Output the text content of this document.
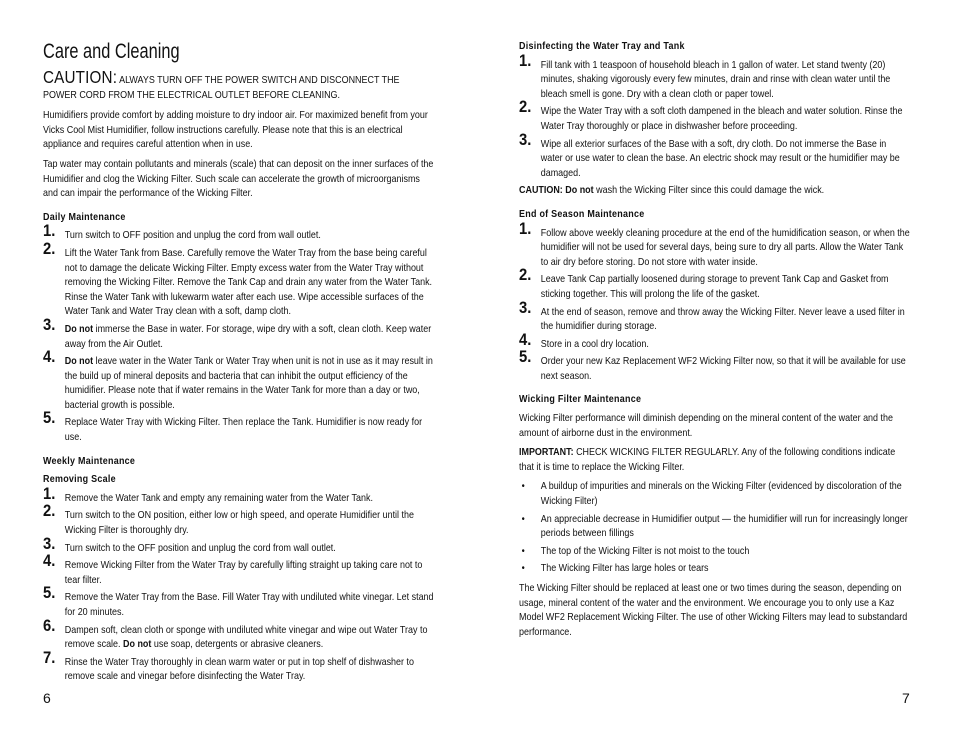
Care and Cleaning
CAUTION: ALWAYS TURN OFF THE POWER SWITCH AND DISCONNECT THE POWER CORD FROM THE ELECTRICAL OUTLET BEFORE CLEANING.

Humidifiers provide comfort by adding moisture to dry indoor air. For maximized benefit from your Vicks Cool Mist Humidifier, follow instructions carefully. Please note that this is an electrical appliance and requires careful attention when in use.

Tap water may contain pollutants and minerals (scale) that can deposit on the inner surfaces of the Humidifier and clog the Wicking Filter. Such scale can accelerate the growth of microorganisms and can impair the performance of the Wicking Filter.

Daily Maintenance
1. Turn switch to OFF position and unplug the cord from wall outlet.
2. Lift the Water Tank from Base. Carefully remove the Water Tray from the base being careful not to damage the delicate Wicking Filter. Empty excess water from the Water Tray without removing the Wicking Filter. Remove the Tank Cap and drain any water from the Water Tank. Rinse the Water Tank with lukewarm water after each use. Wipe accessible surfaces of the Water Tank and Water Tray clean with a soft, damp cloth.
3. Do not immerse the Base in water. For storage, wipe dry with a soft, clean cloth. Keep water away from the Air Outlet.
4. Do not leave water in the Water Tank or Water Tray when unit is not in use as it may result in the build up of mineral deposits and bacteria that can inhibit the output efficiency of the humidifier. Please note that if water remains in the Water Tank for more than a day or two, bacterial growth is possible.
5. Replace Water Tray with Wicking Filter. Then replace the Tank. Humidifier is now ready for use.
Weekly Maintenance
Removing Scale
1. Remove the Water Tank and empty any remaining water from the Water Tank.
2. Turn switch to the ON position, either low or high speed, and operate Humidifier until the Wicking Filter is thoroughly dry.
3. Turn switch to the OFF position and unplug the cord from wall outlet.
4. Remove Wicking Filter from the Water Tray by carefully lifting straight up taking care not to tear filter.
5. Remove the Water Tray from the Base. Fill Water Tray with undiluted white vinegar. Let stand for 20 minutes.
6. Dampen soft, clean cloth or sponge with undiluted white vinegar and wipe out Water Tray to remove scale. Do not use soap, detergents or abrasive cleaners.
7. Rinse the Water Tray thoroughly in clean warm water or put in top shelf of dishwasher to remove scale and vinegar before disinfecting the Water Tray.
6
Disinfecting the Water Tray and Tank
1. Fill tank with 1 teaspoon of household bleach in 1 gallon of water. Let stand twenty (20) minutes, shaking vigorously every few minutes, drain and rinse with clean water until the bleach smell is gone. Dry with a clean cloth or paper towel.
2. Wipe the Water Tray with a soft cloth dampened in the bleach and water solution. Rinse the Water Tray thoroughly or place in dishwasher before proceeding.
3. Wipe all exterior surfaces of the Base with a soft, dry cloth. Do not immerse the Base in water or use water to clean the base. An electric shock may result or the humidifier may be damaged.

CAUTION: Do not wash the Wicking Filter since this could damage the wick.

End of Season Maintenance
1. Follow above weekly cleaning procedure at the end of the humidification season, or when the humidifier will not be used for several days, being sure to dry all parts. Allow the Water Tank to air dry before storing. Do not store with water inside.
2. Leave Tank Cap partially loosened during storage to prevent Tank Cap and Gasket from sticking together. This will prolong the life of the gasket.
3. At the end of season, remove and throw away the Wicking Filter. Never leave a used filter in the humidifier during storage.
4. Store in a cool dry location.
5. Order your new Kaz Replacement WF2 Wicking Filter now, so that it will be available for use next season.
Wicking Filter Maintenance

Wicking Filter performance will diminish depending on the mineral content of the water and the amount of airborne dust in the environment.

IMPORTANT: CHECK WICKING FILTER REGULARLY. Any of the following conditions indicate that it is time to replace the Wicking Filter.

• A buildup of impurities and minerals on the Wicking Filter (evidenced by discoloration of the Wicking Filter)
• An appreciable decrease in Humidifier output — the humidifier will run for increasingly longer periods between fillings
• The top of the Wicking Filter is not moist to the touch
• The Wicking Filter has large holes or tears

The Wicking Filter should be replaced at least one or two times during the season, depending on usage, mineral content of the water and the environment. We encourage you to only use a Kaz Model WF2 Replacement Wicking Filter. The use of other Wicking Filters may lead to substandard performance.

7
